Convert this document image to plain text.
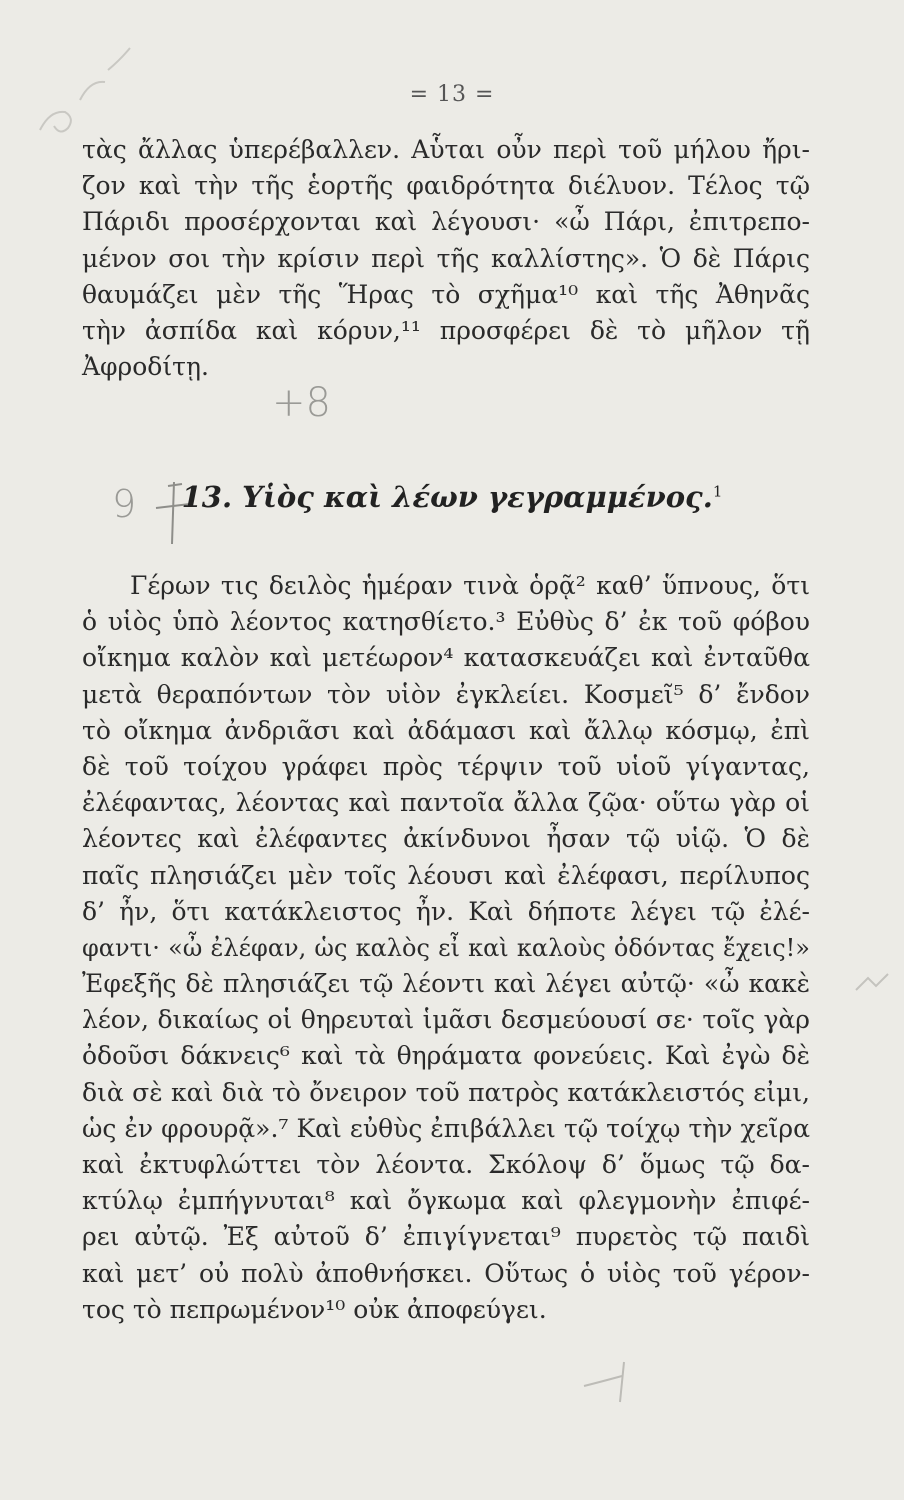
= 13 =
τὰς ἄλλας ὑπερέβαλλεν. Αὗται οὖν περὶ τοῦ μήλου ἤρι-
ζον καὶ τὴν τῆς ἑορτῆς φαιδρότητα διέλυον. Τέλος τῷ
Πάριδι προσέρχονται καὶ λέγουσι· «ὦ Πάρι, ἐπιτρεπο-
μένον σοι τὴν κρίσιν περὶ τῆς καλλίστης». Ὁ δὲ Πάρις
θαυμάζει μὲν τῆς Ἥρας τὸ σχῆμα¹⁰ καὶ τῆς Ἀθηνᾶς
τὴν ἀσπίδα καὶ κόρυν,¹¹ προσφέρει δὲ τὸ μῆλον τῇ
Ἀφροδίτῃ.
+8
9	13. Υἱὸς καὶ λέων γεγραμμένος.$^1$
Γέρων τις δειλὸς ἡμέραν τινὰ ὁρᾷ² καθ’ ὕπνους, ὅτι
ὁ υἱὸς ὑπὸ λέοντος κατησθίετο.³ Εὐθὺς δ’ ἐκ τοῦ φόβου
οἴκημα καλὸν καὶ μετέωρον⁴ κατασκευάζει καὶ ἐνταῦθα
μετὰ θεραπόντων τὸν υἱὸν ἐγκλείει. Κοσμεῖ⁵ δ’ ἔνδον
τὸ οἴκημα ἀνδριᾶσι καὶ ἀδάμασι καὶ ἄλλῳ κόσμῳ, ἐπὶ
δὲ τοῦ τοίχου γράφει πρὸς τέρψιν τοῦ υἱοῦ γίγαντας,
ἐλέφαντας, λέοντας καὶ παντοῖα ἄλλα ζῷα· οὕτω γὰρ οἱ
λέοντες καὶ ἐλέφαντες ἀκίνδυνοι ἦσαν τῷ υἱῷ. Ὁ δὲ
παῖς πλησιάζει μὲν τοῖς λέουσι καὶ ἐλέφασι, περίλυπος
δ’ ἦν, ὅτι κατάκλειστος ἦν. Καὶ δήποτε λέγει τῷ ἐλέ-
φαντι· «ὦ ἐλέφαν, ὡς καλὸς εἶ καὶ καλοὺς ὀδόντας ἔχεις!»
Ἐφεξῆς δὲ πλησιάζει τῷ λέοντι καὶ λέγει αὐτῷ· «ὦ κακὲ
λέον, δικαίως οἱ θηρευταὶ ἱμᾶσι δεσμεύουσί σε· τοῖς γὰρ
ὀδοῦσι δάκνεις⁶ καὶ τὰ θηράματα φονεύεις. Καὶ ἐγὼ δὲ
διὰ σὲ καὶ διὰ τὸ ὄνειρον τοῦ πατρὸς κατάκλειστός εἰμι,
ὡς ἐν φρουρᾷ».⁷ Καὶ εὐθὺς ἐπιβάλλει τῷ τοίχῳ τὴν χεῖρα
καὶ ἐκτυφλώττει τὸν λέοντα. Σκόλοψ δ’ ὅμως τῷ δα-
κτύλῳ ἐμπήγνυται⁸ καὶ ὄγκωμα καὶ φλεγμονὴν ἐπιφέ-
ρει αὐτῷ. Ἐξ αὐτοῦ δ’ ἐπιγίγνεται⁹ πυρετὸς τῷ παιδὶ
καὶ μετ’ οὐ πολὺ ἀποθνήσκει. Οὕτως ὁ υἱὸς τοῦ γέρον-
τος τὸ πεπρωμένον¹⁰ οὐκ ἀποφεύγει.
